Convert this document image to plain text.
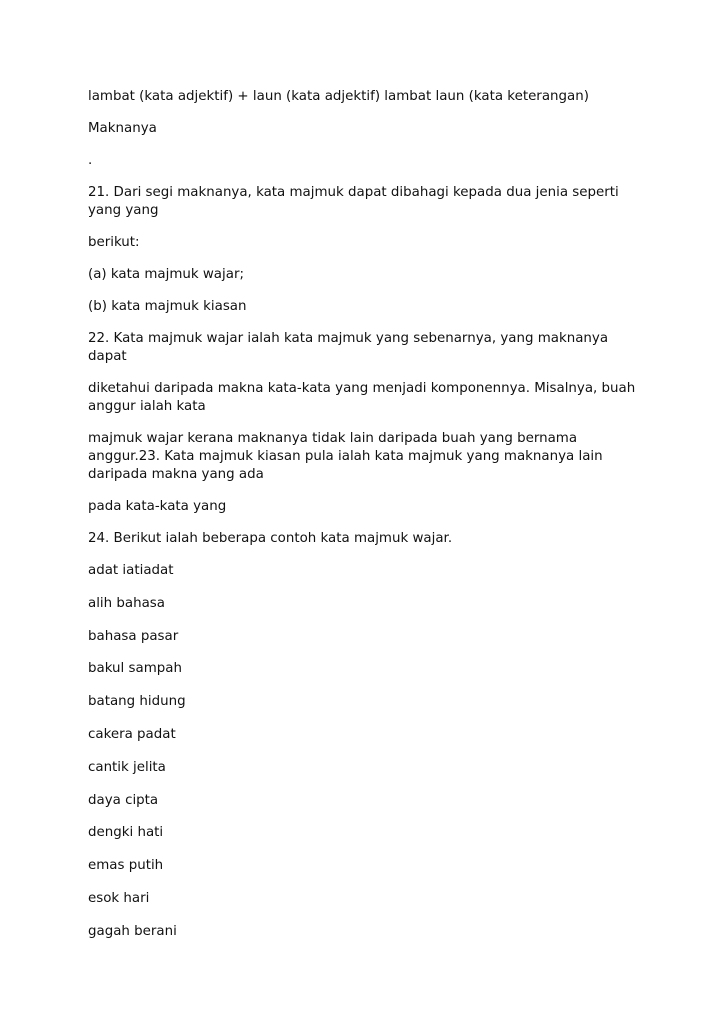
lambat (kata adjektif) + laun (kata adjektif) lambat laun (kata keterangan)

Maknanya

.

21. Dari segi maknanya, kata majmuk dapat dibahagi kepada dua jenia seperti yang yang

berikut:

(a) kata majmuk wajar;

(b) kata majmuk kiasan

22. Kata majmuk wajar ialah kata majmuk yang sebenarnya, yang maknanya dapat

diketahui daripada makna kata-kata yang menjadi komponennya. Misalnya, buah anggur ialah kata

majmuk wajar kerana maknanya tidak lain daripada buah yang bernama anggur.23. Kata majmuk kiasan pula ialah kata majmuk yang maknanya lain daripada makna yang ada

pada kata-kata yang

24. Berikut ialah beberapa contoh kata majmuk wajar.

adat iatiadat

alih bahasa

bahasa pasar

bakul sampah

batang hidung

cakera padat

cantik jelita

daya cipta

dengki hati

emas putih

esok hari

gagah berani
